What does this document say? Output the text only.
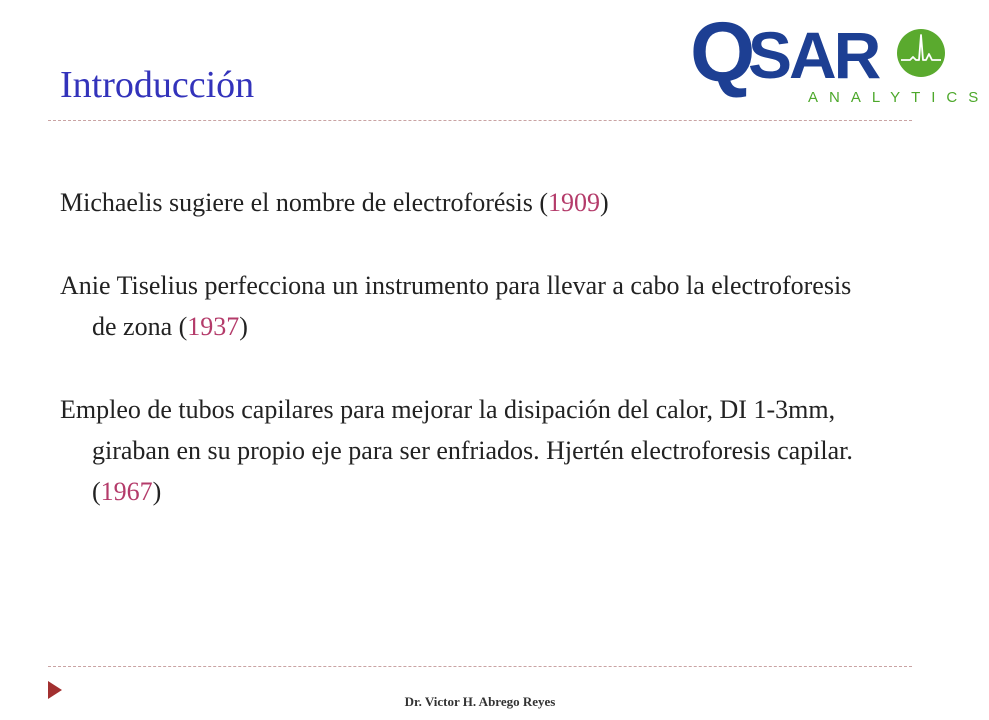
Introducción	Q
SAR
ANALYTICS
Michaelis sugiere el nombre de electroforésis (1909)
Anie Tiselius perfecciona un instrumento para llevar a cabo la electroforesis de zona (1937)
Empleo de tubos capilares para mejorar la disipación del calor, DI 1-3mm, giraban en su propio eje para ser enfriados. Hjertén electroforesis capilar.(1967)
Dr. Victor H. Abrego Reyes
